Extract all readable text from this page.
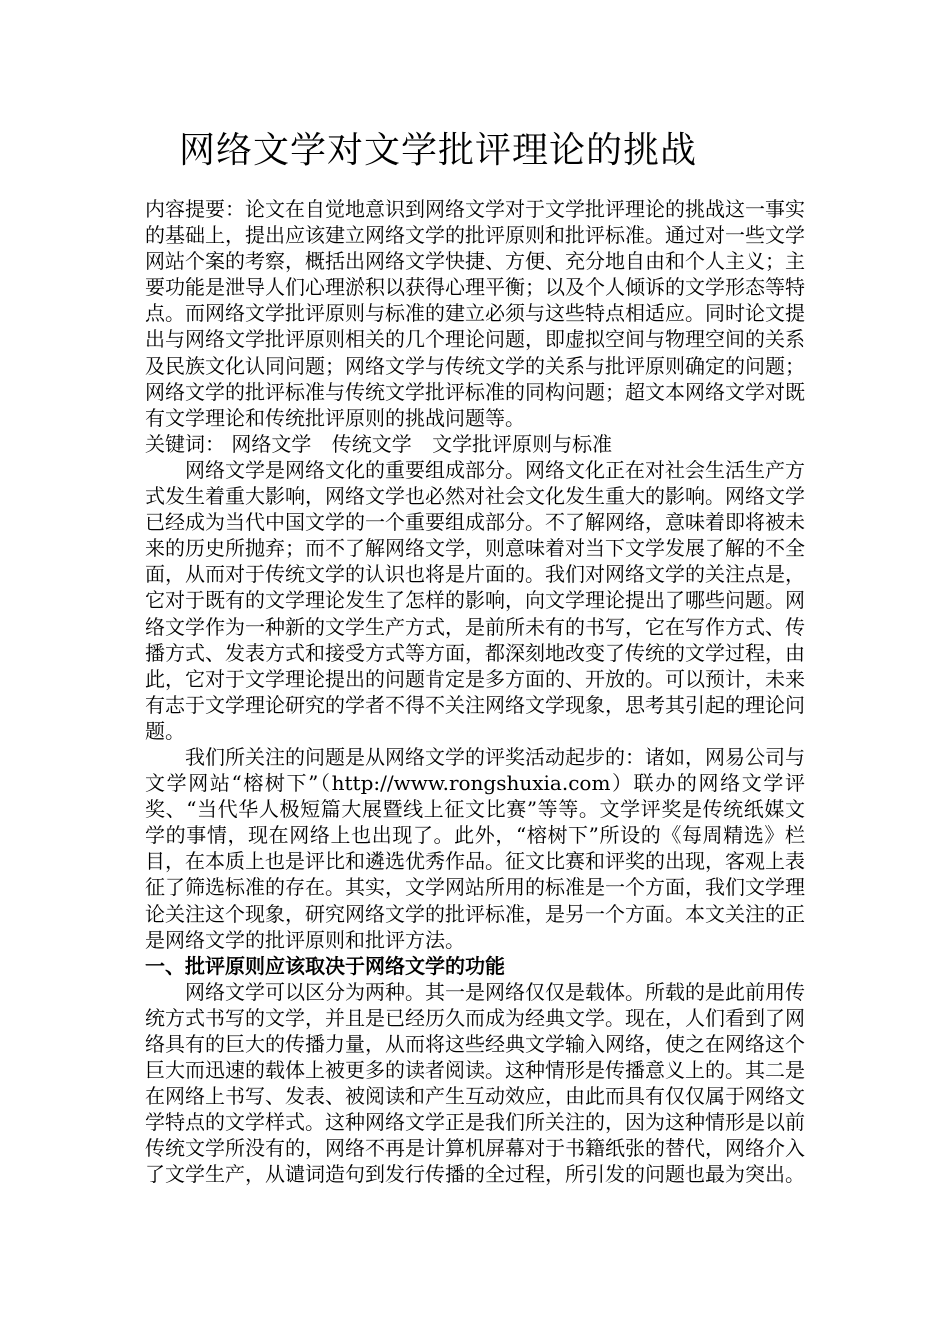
网络文学对文学批评理论的挑战

内容提要：论文在自觉地意识到网络文学对于文学批评理论的挑战这一事实的基础上，提出应该建立网络文学的批评原则和批评标准。通过对一些文学网站个案的考察，概括出网络文学快捷、方便、充分地自由和个人主义；主要功能是泄导人们心理淤积以获得心理平衡；以及个人倾诉的文学形态等特点。而网络文学批评原则与标准的建立必须与这些特点相适应。同时论文提出与网络文学批评原则相关的几个理论问题，即虚拟空间与物理空间的关系及民族文化认同问题；网络文学与传统文学的关系与批评原则确定的问题；网络文学的批评标准与传统文学批评标准的同构问题；超文本网络文学对既有文学理论和传统批评原则的挑战问题等。

关键词： 网络文学 传统文学 文学批评原则与标准

网络文学是网络文化的重要组成部分。网络文化正在对社会生活生产方式发生着重大影响，网络文学也必然对社会文化发生重大的影响。网络文学已经成为当代中国文学的一个重要组成部分。不了解网络，意味着即将被未来的历史所抛弃；而不了解网络文学，则意味着对当下文学发展了解的不全面，从而对于传统文学的认识也将是片面的。我们对网络文学的关注点是，它对于既有的文学理论发生了怎样的影响，向文学理论提出了哪些问题。网络文学作为一种新的文学生产方式，是前所未有的书写，它在写作方式、传播方式、发表方式和接受方式等方面，都深刻地改变了传统的文学过程，由此，它对于文学理论提出的问题肯定是多方面的、开放的。可以预计，未来有志于文学理论研究的学者不得不关注网络文学现象，思考其引起的理论问题。

我们所关注的问题是从网络文学的评奖活动起步的：诸如，网易公司与文学网站“榕树下”（http://www.rongshuxia.com）联办的网络文学评奖、“当代华人极短篇大展暨线上征文比赛”等等。文学评奖是传统纸媒文学的事情，现在网络上也出现了。此外，“榕树下”所设的《每周精选》栏目，在本质上也是评比和遴选优秀作品。征文比赛和评奖的出现，客观上表征了筛选标准的存在。其实，文学网站所用的标准是一个方面，我们文学理论关注这个现象，研究网络文学的批评标准，是另一个方面。本文关注的正是网络文学的批评原则和批评方法。

一、批评原则应该取决于网络文学的功能

网络文学可以区分为两种。其一是网络仅仅是载体。所载的是此前用传统方式书写的文学，并且是已经历久而成为经典文学。现在，人们看到了网络具有的巨大的传播力量，从而将这些经典文学输入网络，使之在网络这个巨大而迅速的载体上被更多的读者阅读。这种情形是传播意义上的。其二是在网络上书写、发表、被阅读和产生互动效应，由此而具有仅仅属于网络文学特点的文学样式。这种网络文学正是我们所关注的，因为这种情形是以前传统文学所没有的，网络不再是计算机屏幕对于书籍纸张的替代，网络介入了文学生产，从谴词造句到发行传播的全过程，所引发的问题也最为突出。
